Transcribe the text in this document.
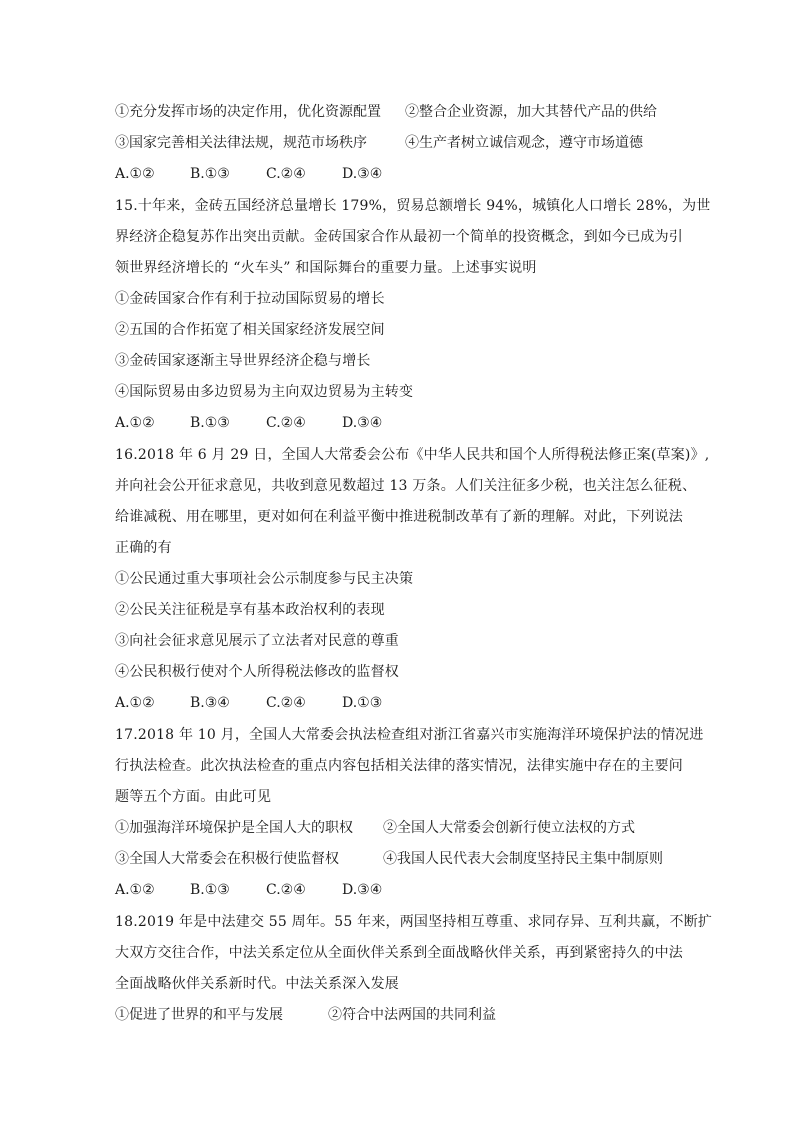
①充分发挥市场的决定作用，优化资源配置 ②整合企业资源，加大其替代产品的供给
③国家完善相关法律法规，规范市场秩序	④生产者树立诚信观念，遵守市场道德
A.①②	B.①③	C.②④	D.③④
15.十年来，金砖五国经济总量增长 179%，贸易总额增长 94%，城镇化人口增长 28%，为世
界经济企稳复苏作出突出贡献。金砖国家合作从最初一个简单的投资概念，到如今已成为引
领世界经济增长的 “火车头” 和国际舞台的重要力量。上述事实说明
①金砖国家合作有利于拉动国际贸易的增长
②五国的合作拓宽了相关国家经济发展空间
③金砖国家逐渐主导世界经济企稳与增长
④国际贸易由多边贸易为主向双边贸易为主转变
A.①②	B.①③	C.②④	D.③④
16.2018 年 6 月 29 日，全国人大常委会公布《中华人民共和国个人所得税法修正案(草案)》,
并向社会公开征求意见，共收到意见数超过 13 万条。人们关注征多少税，也关注怎么征税、
给谁减税、用在哪里，更对如何在利益平衡中推进税制改革有了新的理解。对此，下列说法
正确的有
①公民通过重大事项社会公示制度参与民主决策
②公民关注征税是享有基本政治权利的表现
③向社会征求意见展示了立法者对民意的尊重
④公民积极行使对个人所得税法修改的监督权
A.①②	B.③④	C.②④	D.①③
17.2018 年 10 月，全国人大常委会执法检查组对浙江省嘉兴市实施海洋环境保护法的情况进
行执法检查。此次执法检查的重点内容包括相关法律的落实情况，法律实施中存在的主要问
题等五个方面。由此可见
①加强海洋环境保护是全国人大的职权 ②全国人大常委会创新行使立法权的方式
③全国人大常委会在积极行使监督权	④我国人民代表大会制度坚持民主集中制原则
A.①②	B.①③	C.②④	D.③④
18.2019 年是中法建交 55 周年。55 年来，两国坚持相互尊重、求同存异、互利共赢，不断扩
大双方交往合作，中法关系定位从全面伙伴关系到全面战略伙伴关系，再到紧密持久的中法
全面战略伙伴关系新时代。中法关系深入发展
①促进了世界的和平与发展	②符合中法两国的共同利益
